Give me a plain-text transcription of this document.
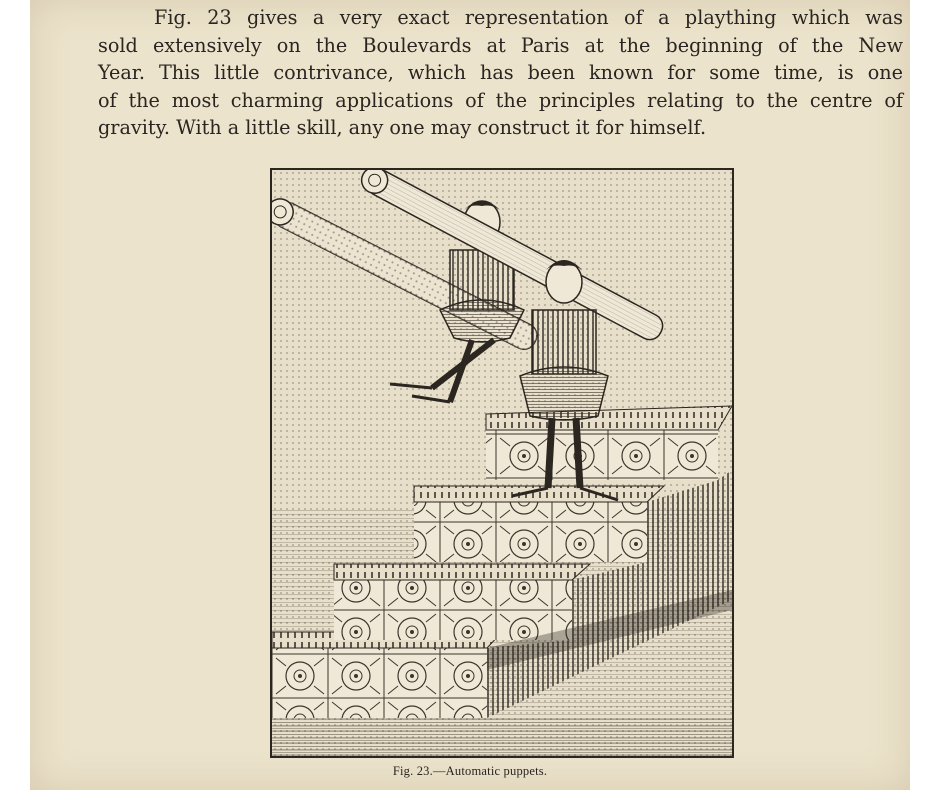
Fig. 23 gives a very exact representation of a plaything which was
sold extensively on the Boulevards at Paris at the beginning of the New
Year. This little contrivance, which has been known for some time, is one
of the most charming applications of the principles relating to the centre of
gravity. With a little skill, any one may construct it for himself.
Fig. 23.—Automatic puppets.
